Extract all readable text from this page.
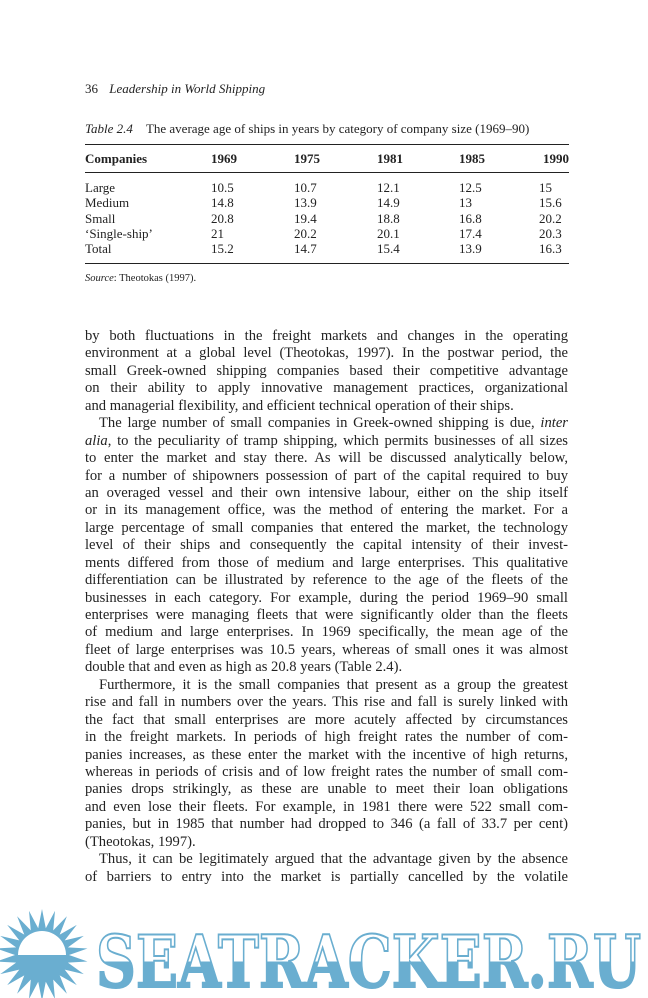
36 Leadership in World Shipping
Table 2.4 The average age of ships in years by category of company size (1969–90)
Companies	1969	1975	1981	1985	1990
Large	10.5	10.7	12.1	12.5	15
Medium	14.8	13.9	14.9	13	15.6
Small	20.8	19.4	18.8	16.8	20.2
‘Single-ship’	21	20.2	20.1	17.4	20.3
Total	15.2	14.7	15.4	13.9	16.3
Source: Theotokas (1997).
by both fluctuations in the freight markets and changes in the operating
environment at a global level (Theotokas, 1997). In the postwar period, the
small Greek-owned shipping companies based their competitive advantage
on their ability to apply innovative management practices, organizational
and managerial flexibility, and efficient technical operation of their ships.
The large number of small companies in Greek-owned shipping is due, inter
alia, to the peculiarity of tramp shipping, which permits businesses of all sizes
to enter the market and stay there. As will be discussed analytically below,
for a number of shipowners possession of part of the capital required to buy
an overaged vessel and their own intensive labour, either on the ship itself
or in its management office, was the method of entering the market. For a
large percentage of small companies that entered the market, the technology
level of their ships and consequently the capital intensity of their invest-
ments differed from those of medium and large enterprises. This qualitative
differentiation can be illustrated by reference to the age of the fleets of the
businesses in each category. For example, during the period 1969–90 small
enterprises were managing fleets that were significantly older than the fleets
of medium and large enterprises. In 1969 specifically, the mean age of the
fleet of large enterprises was 10.5 years, whereas of small ones it was almost
double that and even as high as 20.8 years (Table 2.4).
Furthermore, it is the small companies that present as a group the greatest
rise and fall in numbers over the years. This rise and fall is surely linked with
the fact that small enterprises are more acutely affected by circumstances
in the freight markets. In periods of high freight rates the number of com-
panies increases, as these enter the market with the incentive of high returns,
whereas in periods of crisis and of low freight rates the number of small com-
panies drops strikingly, as these are unable to meet their loan obligations
and even lose their fleets. For example, in 1981 there were 522 small com-
panies, but in 1985 that number had dropped to 346 (a fall of 33.7 per cent)
(Theotokas, 1997).
Thus, it can be legitimately argued that the advantage given by the absence
of barriers to entry into the market is partially cancelled by the volatile
SEATRACKER.RU
